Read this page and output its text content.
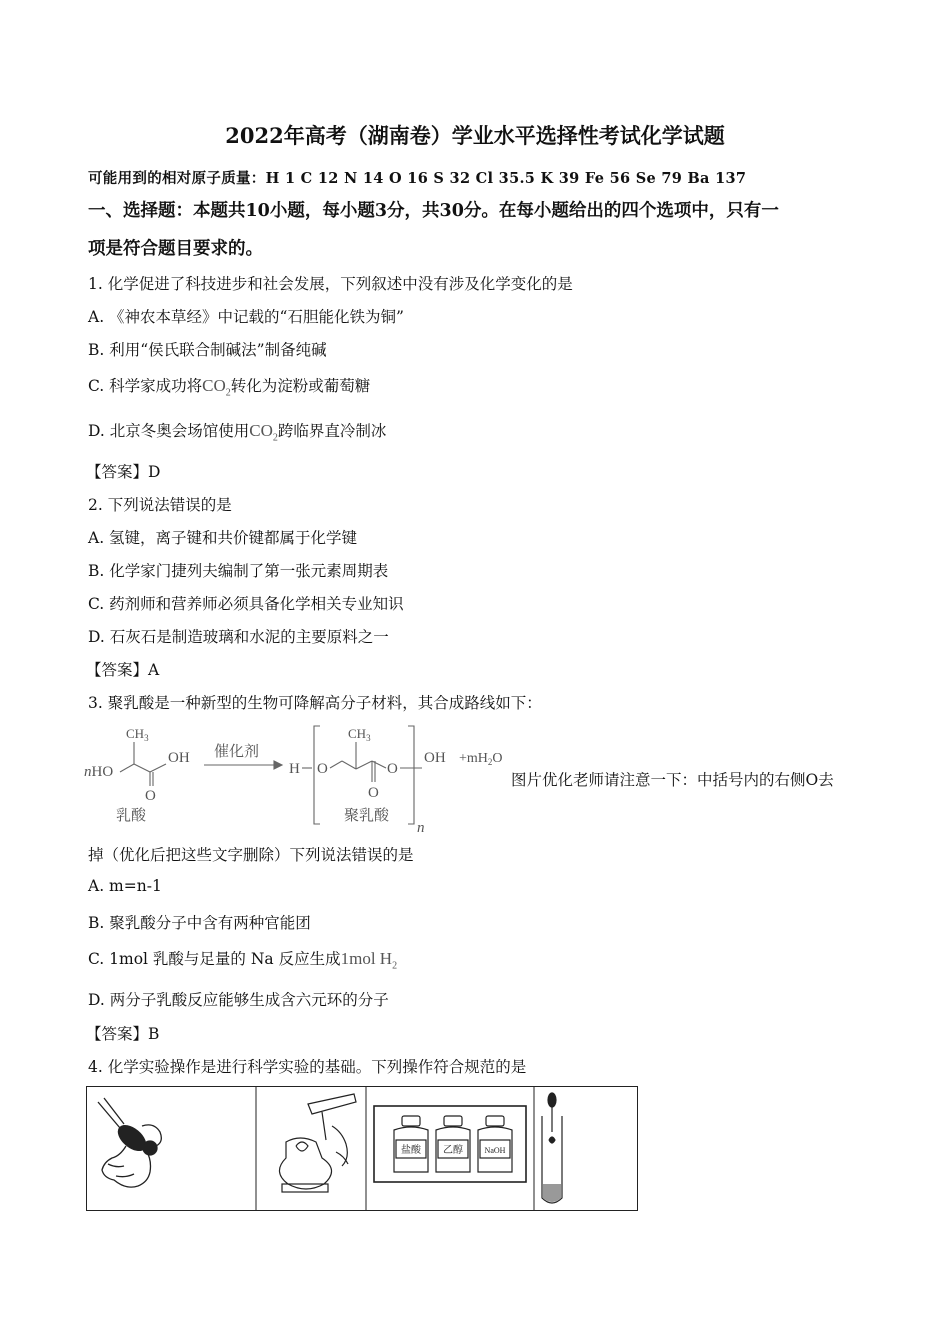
2022年高考（湖南卷）学业水平选择性考试化学试题
可能用到的相对原子质量：H 1 C 12 N 14 O 16 S 32 Cl 35.5 K 39 Fe 56 Se 79 Ba 137
一、选择题：本题共10小题，每小题3分，共30分。在每小题给出的四个选项中，只有一
项是符合题目要求的。
1. 化学促进了科技进步和社会发展，下列叙述中没有涉及化学变化的是
A. 《神农本草经》中记载的“石胆能化铁为铜”
B. 利用“侯氏联合制碱法”制备纯碱
C. 科学家成功将$CO_2$转化为淀粉或葡萄糖
D. 北京冬奥会场馆使用$CO_2$跨临界直冷制冰
【答案】D
2. 下列说法错误的是
A. 氢键，离子键和共价键都属于化学键
B. 化学家门捷列夫编制了第一张元素周期表
C. 药剂师和营养师必须具备化学相关专业知识
D. 石灰石是制造玻璃和水泥的主要原料之一
【答案】A
3. 聚乳酸是一种新型的生物可降解高分子材料，其合成路线如下：
nHO
$CH_3$
OH
O
乳酸
催化剂
H O
$CH_3$
O
O
OH
n
聚乳酸
$+mH_2O$
图片优化老师请注意一下：中括号内的右侧O去
掉（优化后把这些文字删除）下列说法错误的是
A. m=n-1
B. 聚乳酸分子中含有两种官能团
C. 1mol 乳酸与足量的 Na 反应生成1mol $H_2$
D. 两分子乳酸反应能够生成含六元环的分子
【答案】B
4. 化学实验操作是进行科学实验的基础。下列操作符合规范的是
盐酸 乙醇	NaOH
